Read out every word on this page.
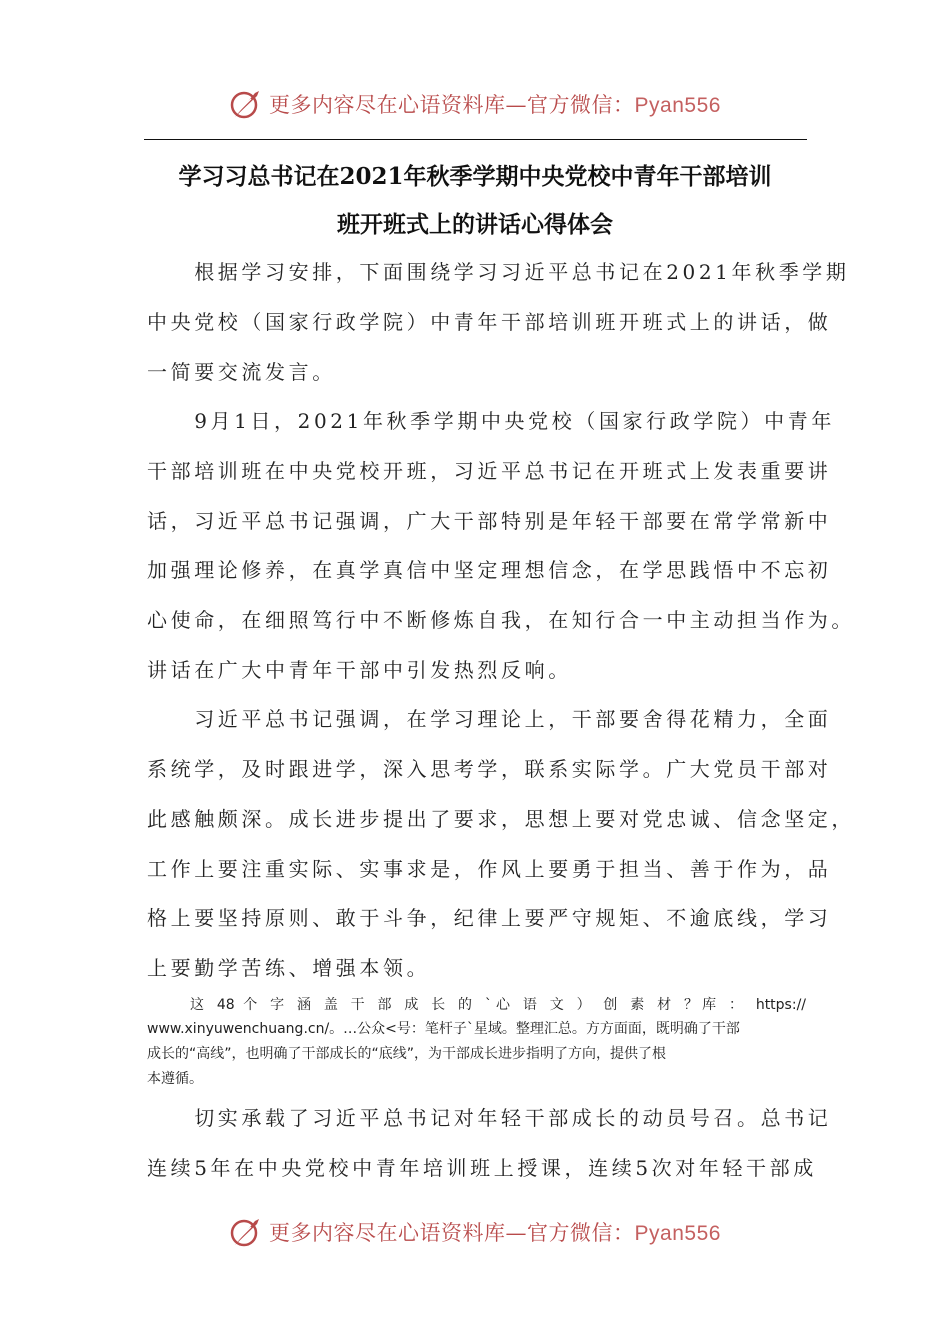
更多内容尽在心语资料库—官方微信：Pyan556
学习习总书记在2021年秋季学期中央党校中青年干部培训
班开班式上的讲话心得体会
　　根据学习安排，下面围绕学习习近平总书记在2021年秋季学期
中央党校（国家行政学院）中青年干部培训班开班式上的讲话，做
一简要交流发言。
　　9月1日，2021年秋季学期中央党校（国家行政学院）中青年
干部培训班在中央党校开班，习近平总书记在开班式上发表重要讲
话，习近平总书记强调，广大干部特别是年轻干部要在常学常新中
加强理论修养，在真学真信中坚定理想信念，在学思践悟中不忘初
心使命，在细照笃行中不断修炼自我，在知行合一中主动担当作为。
讲话在广大中青年干部中引发热烈反响。
　　习近平总书记强调，在学习理论上，干部要舍得花精力，全面
系统学，及时跟进学，深入思考学，联系实际学。广大党员干部对
此感触颇深。成长进步提出了要求，思想上要对党忠诚、信念坚定，
工作上要注重实际、实事求是，作风上要勇于担当、善于作为，品
格上要坚持原则、敢于斗争，纪律上要严守规矩、不逾底线，学习
上要勤学苦练、增强本领。
这 48 个 字 涵 盖 干 部 成 长 的 `心 语 文 ） 创 素 材 ？库 ： https://
www.xinyuwenchuang.cn/。…公众<号：笔杆子`星域。整理汇总。方方面面，既明确了干部
成长的“高线”，也明确了干部成长的“底线”，为干部成长进步指明了方向，提供了根
本遵循。
　　切实承载了习近平总书记对年轻干部成长的动员号召。总书记
连续5年在中央党校中青年培训班上授课，连续5次对年轻干部成
更多内容尽在心语资料库—官方微信：Pyan556
